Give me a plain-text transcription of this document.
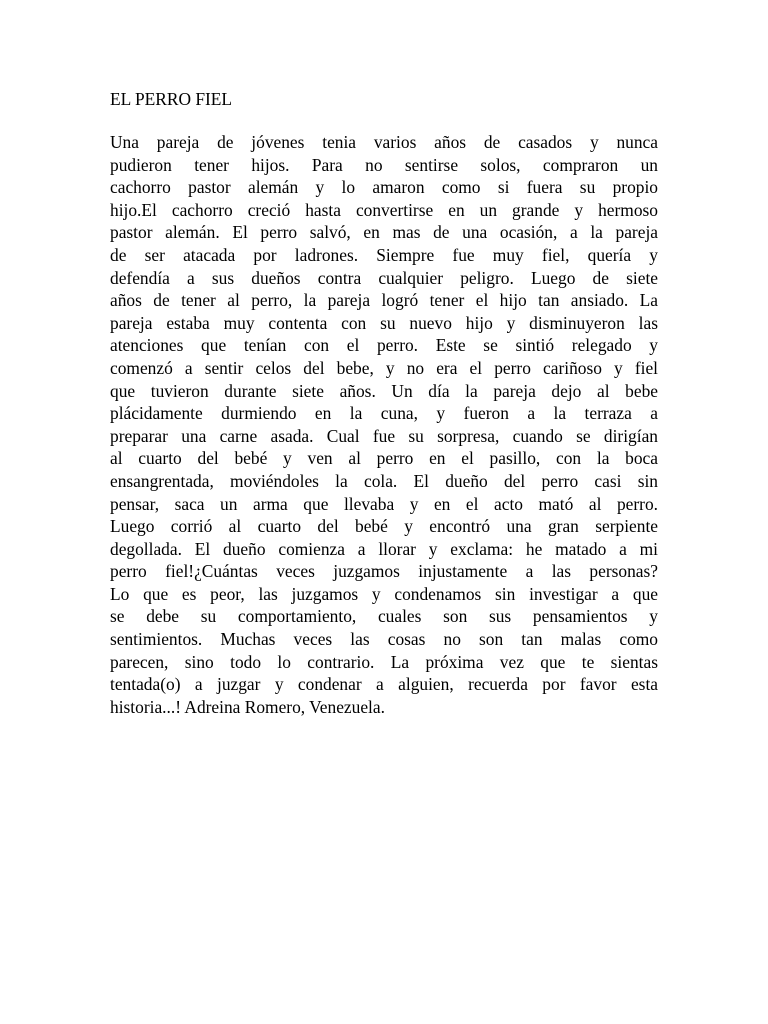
EL PERRO FIEL
Una pareja de jóvenes tenia varios años de casados y nunca
pudieron tener hijos. Para no sentirse solos, compraron un
cachorro pastor alemán y lo amaron como si fuera su propio
hijo.El cachorro creció hasta convertirse en un grande y hermoso
pastor alemán. El perro salvó, en mas de una ocasión, a la pareja
de ser atacada por ladrones. Siempre fue muy fiel, quería y
defendía a sus dueños contra cualquier peligro. Luego de siete
años de tener al perro, la pareja logró tener el hijo tan ansiado. La
pareja estaba muy contenta con su nuevo hijo y disminuyeron las
atenciones que tenían con el perro. Este se sintió relegado y
comenzó a sentir celos del bebe, y no era el perro cariñoso y fiel
que tuvieron durante siete años. Un día la pareja dejo al bebe
plácidamente durmiendo en la cuna, y fueron a la terraza a
preparar una carne asada. Cual fue su sorpresa, cuando se dirigían
al cuarto del bebé y ven al perro en el pasillo, con la boca
ensangrentada, moviéndoles la cola. El dueño del perro casi sin
pensar, saca un arma que llevaba y en el acto mató al perro.
Luego corrió al cuarto del bebé y encontró una gran serpiente
degollada. El dueño comienza a llorar y exclama: he matado a mi
perro fiel!¿Cuántas veces juzgamos injustamente a las personas?
Lo que es peor, las juzgamos y condenamos sin investigar a que
se debe su comportamiento, cuales son sus pensamientos y
sentimientos. Muchas veces las cosas no son tan malas como
parecen, sino todo lo contrario. La próxima vez que te sientas
tentada(o) a juzgar y condenar a alguien, recuerda por favor esta
historia...! Adreina Romero, Venezuela.
